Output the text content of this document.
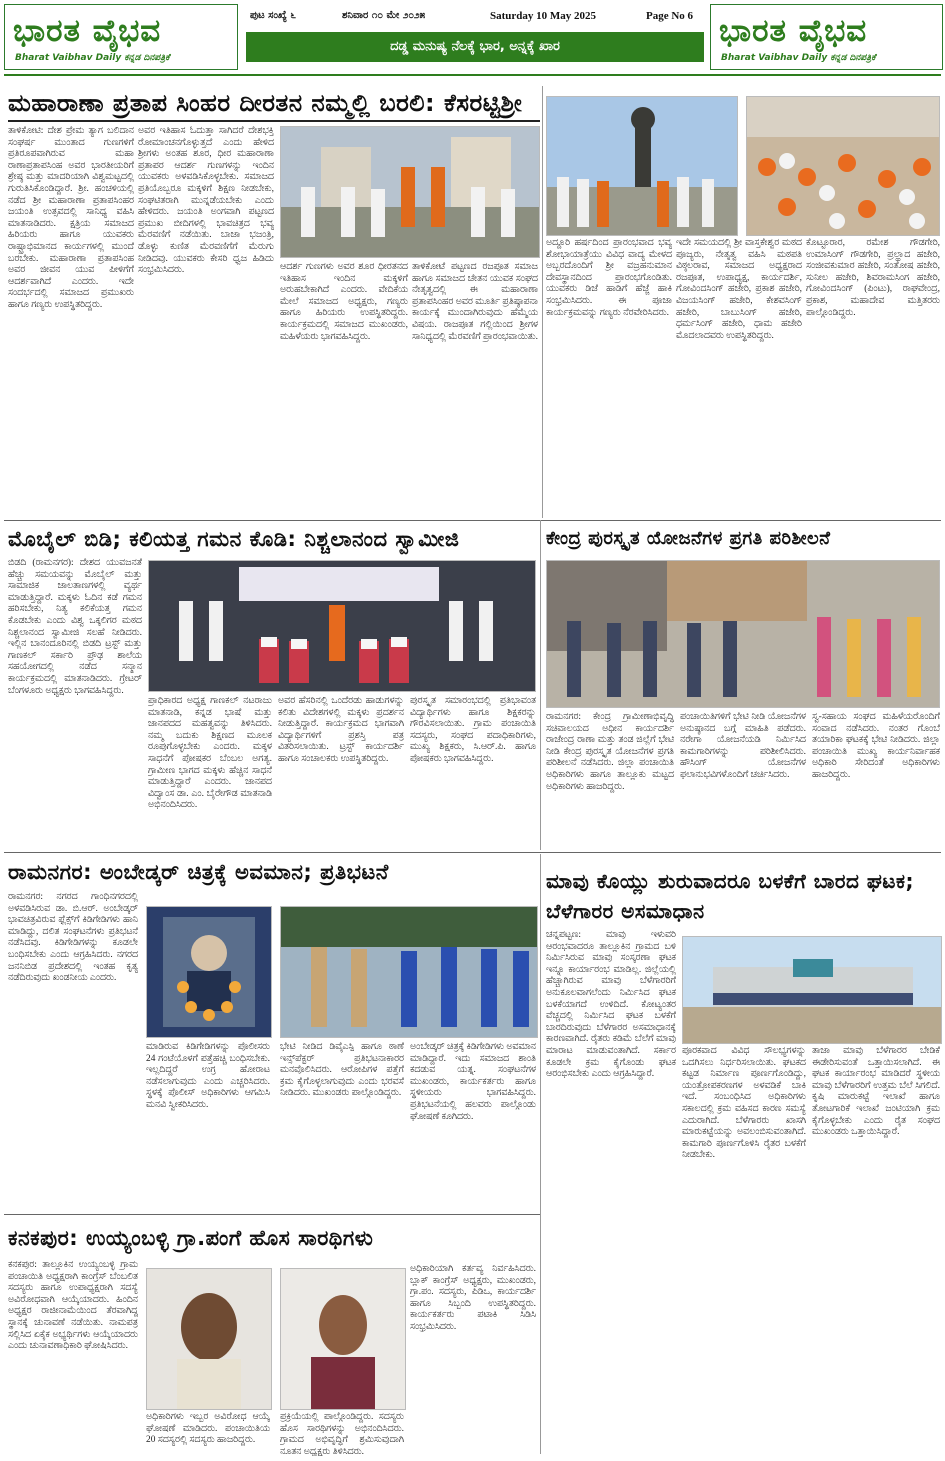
ಭಾರತ ವೈಭವ
Bharat Vaibhav Daily ಕನ್ನಡ ದಿನಪತ್ರಿಕೆ
ಪುಟ ಸಂಖ್ಯೆ ೬	ಶನಿವಾರ ೧೦ ಮೇ ೨೦೨೫	Saturday 10 May 2025	Page No 6
ದಡ್ಡ ಮನುಷ್ಯ ನೆಲಕ್ಕೆ ಭಾರ, ಅನ್ನಕ್ಕೆ ಖಾರ	ಭಾರತ ವೈಭವ
Bharat Vaibhav Daily ಕನ್ನಡ ದಿನಪತ್ರಿಕೆ
ಮಹಾರಾಣಾ ಪ್ರತಾಪ ಸಿಂಹರ ದೀರತನ ನಮ್ಮಲ್ಲಿ ಬರಲಿ: ಕೆಸರಟ್ಟಿಶ್ರೀ
ತಾಳಿಕೋಟಿ: ದೇಶ ಪ್ರೇಮ ತ್ಯಾಗ ಬಲಿದಾನ ಸಂಘರ್ಷ ಮುಂತಾದ ಗುಣಗಳಿಗೆ ಪ್ರತಿರೂಪವಾಗಿರುವ ಮಹಾ ರಾಣಾಪ್ರತಾಪಸಿಂಹ ಅವರ ಭಾರತೀಯರಿಗೆ ಶ್ರೇಷ್ಠ ಮತ್ತು ಮಾದರಿಯಾಗಿ ವಿಶ್ವಮಟ್ಟದಲ್ಲಿ ಗುರುತಿಸಿಕೊಂಡಿದ್ದಾರೆ. ಶ್ರೀ. ಹಂಚಳಿಯಲ್ಲಿ ನಡೆದ ಶ್ರೀ ಮಹಾರಾಣಾ ಪ್ರತಾಪಸಿಂಹರ ಜಯಂತಿ ಉತ್ಸವದಲ್ಲಿ ಸಾನಿಧ್ಯ ವಹಿಸಿ ಮಾತನಾಡಿದರು. ಕ್ಷತ್ರಿಯ ಸಮಾಜದ ಹಿರಿಯರು ಹಾಗೂ ಯುವಕರು ರಾಷ್ಟ್ರಾಭಿಮಾನದ ಕಾರ್ಯಗಳಲ್ಲಿ ಮುಂದೆ ಬರಬೇಕು. ಮಹಾರಾಣಾ ಪ್ರತಾಪಸಿಂಹ ಅವರ ಜೀವನ ಯುವ ಪೀಳಿಗೆಗೆ ಆದರ್ಶವಾಗಿದೆ ಎಂದರು. ಇದೇ ಸಂದರ್ಭದಲ್ಲಿ ಸಮಾಜದ ಪ್ರಮುಖರು ಹಾಗೂ ಗಣ್ಯರು ಉಪಸ್ಥಿತರಿದ್ದರು.
ಅವರ ಇತಿಹಾಸ ಓದುತ್ತಾ ಸಾಗಿದರೆ ದೇಶಭಕ್ತಿ ರೋಮಾಂಚನಗೊಳ್ಳುತ್ತದೆ ಎಂದು ಹೇಳಿದ ಶ್ರೀಗಳು ಅಂತಹ ಶೂರ, ಧೀರ ಮಹಾರಾಣಾ ಪ್ರತಾಪರ ಆದರ್ಶ ಗುಣಗಳನ್ನು ಇಂದಿನ ಯುವಕರು ಅಳವಡಿಸಿಕೊಳ್ಳಬೇಕು. ಸಮಾಜದ ಪ್ರತಿಯೊಬ್ಬರೂ ಮಕ್ಕಳಿಗೆ ಶಿಕ್ಷಣ ನೀಡಬೇಕು, ಸಂಘಟಿತರಾಗಿ ಮುನ್ನಡೆಯಬೇಕು ಎಂದು ಹೇಳಿದರು. ಜಯಂತಿ ಅಂಗವಾಗಿ ಪಟ್ಟಣದ ಪ್ರಮುಖ ಬೀದಿಗಳಲ್ಲಿ ಭಾವಚಿತ್ರದ ಭವ್ಯ ಮೆರವಣಿಗೆ ನಡೆಯಿತು. ಬಾಜಾ ಭಜಂತ್ರಿ, ಡೊಳ್ಳು ಕುಣಿತ ಮೆರವಣಿಗೆಗೆ ಮೆರುಗು ನೀಡಿದವು. ಯುವಕರು ಕೇಸರಿ ಧ್ವಜ ಹಿಡಿದು ಸಂಭ್ರಮಿಸಿದರು.	ಆದರ್ಶ ಗುಣಗಳು ಅವರ ಶೂರ ಧೀರತನದ ಇತಿಹಾಸ ಇಂದಿನ ಮಕ್ಕಳಿಗೆ ಅರುಹಬೇಕಾಗಿದೆ ಎಂದರು. ವೇದಿಕೆಯ ಮೇಲೆ ಸಮಾಜದ ಅಧ್ಯಕ್ಷರು, ಗಣ್ಯರು ಹಾಗೂ ಹಿರಿಯರು ಉಪಸ್ಥಿತರಿದ್ದರು. ಕಾರ್ಯಕ್ರಮದಲ್ಲಿ ಸಮಾಜದ ಮುಖಂಡರು, ಮಹಿಳೆಯರು ಭಾಗವಹಿಸಿದ್ದರು.
ತಾಳಿಕೋಟೆ ಪಟ್ಟಣದ ರಜಪೂತ ಸಮಾಜ ಹಾಗೂ ಸಮಾಜದ ಚೇತನ ಯುವಕ ಸಂಘದ ನೇತೃತ್ವದಲ್ಲಿ ಈ ಮಹಾರಾಣಾ ಪ್ರತಾಪಸಿಂಹರ ಅವರ ಮೂರ್ತಿ ಪ್ರತಿಷ್ಠಾಪನಾ ಕಾರ್ಯಕ್ಕೆ ಮುಂದಾಗಿರುವುದು ಹೆಮ್ಮೆಯ ವಿಷಯ. ರಾಜಪೂತ ಗಲ್ಲಿಯಿಂದ ಶ್ರೀಗಳ ಸಾನಿಧ್ಯದಲ್ಲಿ ಮೆರವಣಿಗೆ ಪ್ರಾರಂಭವಾಯಿತು.
ಅದ್ದೂರಿ ಹರ್ಷದಿಂದ ಪ್ರಾರಂಭವಾದ ಭವ್ಯ ಶೋಭಾಯಾತ್ರೆಯು ವಿವಿಧ ವಾದ್ಯ ಮೇಳದ ಅಬ್ಬರದೊಂದಿಗೆ ಶ್ರೀ ವಜ್ರಹನುಮಾನ ದೇವಸ್ಥಾನದಿಂದ ಪ್ರಾರಂಭಗೊಂಡಿತು. ಯುವಕರು ಡಿಜೆ ಹಾಡಿಗೆ ಹೆಜ್ಜೆ ಹಾಕಿ ಸಂಭ್ರಮಿಸಿದರು. ಈ ಪೂಜಾ ಕಾರ್ಯಕ್ರಮವನ್ನು ಗಣ್ಯರು ನೆರವೇರಿಸಿದರು.
ಇದೇ ಸಮಯದಲ್ಲಿ ಶ್ರೀ ವಾಸ್ತಕೇಶ್ವರ ಮಠದ ಪೂಜ್ಯರು, ನೇತೃತ್ವ ವಹಿಸಿ ಮಠಪತಿ ವಿಠ್ಠಲರಾವ, ಸಮಾಜದ ಅಧ್ಯಕ್ಷರಾದ ರಜಪೂತ, ಉಪಾಧ್ಯಕ್ಷ, ಕಾರ್ಯದರ್ಶಿ, ಗೋವಿಂದಸಿಂಗ್ ಹಜೇರಿ, ಪ್ರಕಾಶ ಹಜೇರಿ, ವಿಜಯಸಿಂಗ್ ಹಜೇರಿ, ಕೇಶವಸಿಂಗ್ ಹಜೇರಿ, ಬಾಬುಸಿಂಗ್ ಹಜೇರಿ, ಧರ್ಮಸಿಂಗ್ ಹಜೇರಿ, ಧಾಮ ಹಜೇರಿ ಮೊದಲಾದವರು ಉಪಸ್ಥಿತರಿದ್ದರು.
ಕೊಟ್ಟೂರಾರ, ರಮೇಶ ಗೌಡಗೇರಿ, ಉಮಾಸಿಂಗ್ ಗೌಡಗೇರಿ, ಪ್ರಲ್ಹಾದ ಹಜೇರಿ, ಸಂಜೀವಕುಮಾರ ಹಜೇರಿ, ಸಂತೋಷ ಹಜೇರಿ, ಸುನೀಲ ಹಜೇರಿ, ಶಿವರಾಮಸಿಂಗ ಹಜೇರಿ, ಗೋವಿಂದಸಿಂಗ್ (ಪಿಂಟು), ರಾಘವೇಂದ್ರ, ಪ್ರಕಾಶ, ಮಹಾದೇವ ಮತ್ತಿತರರು ಪಾಲ್ಗೊಂಡಿದ್ದರು.
ಮೊಬೈಲ್ ಬಿಡಿ; ಕಲಿಯತ್ತ ಗಮನ ಕೊಡಿ: ನಿಶ್ಚಲಾನಂದ ಸ್ವಾಮೀಜಿ
ಬಿಡದಿ (ರಾಮನಗರ): ದೇಶದ ಯುವಜನತೆ ಹೆಚ್ಚು ಸಮಯವನ್ನು ಮೊಬೈಲ್ ಮತ್ತು ಸಾಮಾಜಿಕ ಜಾಲತಾಣಗಳಲ್ಲಿ ವ್ಯರ್ಥ ಮಾಡುತ್ತಿದ್ದಾರೆ. ಮಕ್ಕಳು ಓದಿನ ಕಡೆ ಗಮನ ಹರಿಸಬೇಕು, ನಿತ್ಯ ಕಲಿಕೆಯತ್ತ ಗಮನ ಕೊಡಬೇಕು ಎಂದು ವಿಶ್ವ ಒಕ್ಕಲಿಗರ ಮಠದ ನಿಶ್ಚಲಾನಂದ ಸ್ವಾಮೀಜಿ ಸಲಹೆ ನೀಡಿದರು. ಇಲ್ಲಿನ ಬಾನಂದೂರಿನಲ್ಲಿ ಬಿಡದಿ ಟ್ರಸ್ಟ್ ಮತ್ತು ಗಾಣಕಲ್ ಸರ್ಕಾರಿ ಪ್ರೌಢ ಶಾಲೆಯ ಸಹಯೋಗದಲ್ಲಿ ನಡೆದ ಸನ್ಮಾನ ಕಾರ್ಯಕ್ರಮದಲ್ಲಿ ಮಾತನಾಡಿದರು. ಗ್ರೇಟರ್ ಬೆಂಗಳೂರು ಅಧ್ಯಕ್ಷರು ಭಾಗವಹಿಸಿದ್ದರು.
ಪ್ರಾಧಿಕಾರದ ಅಧ್ಯಕ್ಷ ಗಾಣಕಲ್ ನಟರಾಜು ಮಾತನಾಡಿ, ಕನ್ನಡ ಭಾಷೆ ಮತ್ತು ಜಾನಪದದ ಮಹತ್ವವನ್ನು ತಿಳಿಸಿದರು. ನಮ್ಮ ಬದುಕು ಶಿಕ್ಷಣದ ಮೂಲಕ ರೂಪುಗೊಳ್ಳಬೇಕು ಎಂದರು. ಮಕ್ಕಳ ಸಾಧನೆಗೆ ಪೋಷಕರ ಬೆಂಬಲ ಅಗತ್ಯ. ಗ್ರಾಮೀಣ ಭಾಗದ ಮಕ್ಕಳು ಹೆಚ್ಚಿನ ಸಾಧನೆ ಮಾಡುತ್ತಿದ್ದಾರೆ ಎಂದರು. ಜಾನಪದ ವಿದ್ವಾಂಸ ಡಾ. ಎಂ. ಬೈರೇಗೌಡ ಮಾತನಾಡಿ ಅಭಿನಂದಿಸಿದರು.
ಅವರ ಹೆಸರಿನಲ್ಲಿ ಒಂದೆರಡು ಹಾಡುಗಳನ್ನು ಕಲಿತು ವಿದೇಶಗಳಲ್ಲಿ ಮಕ್ಕಳು ಪ್ರದರ್ಶನ ನೀಡುತ್ತಿದ್ದಾರೆ. ಕಾರ್ಯಕ್ರಮದ ಭಾಗವಾಗಿ ವಿದ್ಯಾರ್ಥಿಗಳಿಗೆ ಪ್ರಶಸ್ತಿ ಪತ್ರ ವಿತರಿಸಲಾಯಿತು. ಟ್ರಸ್ಟ್ ಕಾರ್ಯದರ್ಶಿ ಹಾಗೂ ಸಂಚಾಲಕರು ಉಪಸ್ಥಿತರಿದ್ದರು.
ಪುರಸ್ಕೃತ ಸಮಾರಂಭದಲ್ಲಿ ಪ್ರತಿಭಾವಂತ ವಿದ್ಯಾರ್ಥಿಗಳು ಹಾಗೂ ಶಿಕ್ಷಕರನ್ನು ಗೌರವಿಸಲಾಯಿತು. ಗ್ರಾಮ ಪಂಚಾಯಿತಿ ಸದಸ್ಯರು, ಸಂಘದ ಪದಾಧಿಕಾರಿಗಳು, ಮುಖ್ಯ ಶಿಕ್ಷಕರು, ಸಿ.ಆರ್.ಪಿ. ಹಾಗೂ ಪೋಷಕರು ಭಾಗವಹಿಸಿದ್ದರು.
ಕೇಂದ್ರ ಪುರಸ್ಕೃತ ಯೋಜನೆಗಳ ಪ್ರಗತಿ ಪರಿಶೀಲನೆ
ರಾಮನಗರ: ಕೇಂದ್ರ ಗ್ರಾಮೀಣಾಭಿವೃದ್ಧಿ ಸಚಿವಾಲಯದ ಅಧೀನ ಕಾರ್ಯದರ್ಶಿ ರಾಜೇಂದ್ರ ರಾಣಾ ಮತ್ತು ತಂಡ ಜಿಲ್ಲೆಗೆ ಭೇಟಿ ನೀಡಿ ಕೇಂದ್ರ ಪುರಸ್ಕೃತ ಯೋಜನೆಗಳ ಪ್ರಗತಿ ಪರಿಶೀಲನೆ ನಡೆಸಿದರು. ಜಿಲ್ಲಾ ಪಂಚಾಯಿತಿ ಅಧಿಕಾರಿಗಳು ಹಾಗೂ ತಾಲ್ಲೂಕು ಮಟ್ಟದ ಅಧಿಕಾರಿಗಳು ಹಾಜರಿದ್ದರು.
ಪಂಚಾಯಿತಿಗಳಿಗೆ ಭೇಟಿ ನೀಡಿ ಯೋಜನೆಗಳ ಅನುಷ್ಠಾನದ ಬಗ್ಗೆ ಮಾಹಿತಿ ಪಡೆದರು. ನರೇಗಾ ಯೋಜನೆಯಡಿ ನಿರ್ಮಿಸಿದ ಕಾಮಗಾರಿಗಳನ್ನು ಪರಿಶೀಲಿಸಿದರು. ಹೌಸಿಂಗ್ ಯೋಜನೆಗಳ ಫಲಾನುಭವಿಗಳೊಂದಿಗೆ ಚರ್ಚಿಸಿದರು.
ಸ್ವ-ಸಹಾಯ ಸಂಘದ ಮಹಿಳೆಯರೊಂದಿಗೆ ಸಂವಾದ ನಡೆಸಿದರು. ನಂತರ ಗೊಂಬೆ ತಯಾರಿಕಾ ಘಟಕಕ್ಕೆ ಭೇಟಿ ನೀಡಿದರು. ಜಿಲ್ಲಾ ಪಂಚಾಯಿತಿ ಮುಖ್ಯ ಕಾರ್ಯನಿರ್ವಾಹಕ ಅಧಿಕಾರಿ ಸೇರಿದಂತೆ ಅಧಿಕಾರಿಗಳು ಹಾಜರಿದ್ದರು.
ರಾಮನಗರ: ಅಂಬೇಡ್ಕರ್ ಚಿತ್ರಕ್ಕೆ ಅವಮಾನ; ಪ್ರತಿಭಟನೆ
ರಾಮನಗರ: ನಗರದ ಗಾಂಧಿನಗರದಲ್ಲಿ ಅಳವಡಿಸಿರುವ ಡಾ. ಬಿ.ಆರ್. ಅಂಬೇಡ್ಕರ್ ಭಾವಚಿತ್ರವಿರುವ ಫ್ಲೆಕ್ಸ್‌ಗೆ ಕಿಡಿಗೇಡಿಗಳು ಹಾನಿ ಮಾಡಿದ್ದು, ದಲಿತ ಸಂಘಟನೆಗಳು ಪ್ರತಿಭಟನೆ ನಡೆಸಿದವು. ಕಿಡಿಗೇಡಿಗಳನ್ನು ಕೂಡಲೇ ಬಂಧಿಸಬೇಕು ಎಂದು ಆಗ್ರಹಿಸಿದರು. ನಗರದ ಜನನಿಬಿಡ ಪ್ರದೇಶದಲ್ಲಿ ಇಂತಹ ಕೃತ್ಯ ನಡೆದಿರುವುದು ಖಂಡನೀಯ ಎಂದರು.
ಮಾಡಿರುವ ಕಿಡಿಗೇಡಿಗಳನ್ನು ಪೊಲೀಸರು 24 ಗಂಟೆಯೊಳಗೆ ಪತ್ತೆಹಚ್ಚಿ ಬಂಧಿಸಬೇಕು. ಇಲ್ಲದಿದ್ದರೆ ಉಗ್ರ ಹೋರಾಟ ನಡೆಸಲಾಗುವುದು ಎಂದು ಎಚ್ಚರಿಸಿದರು. ಸ್ಥಳಕ್ಕೆ ಪೊಲೀಸ್ ಅಧಿಕಾರಿಗಳು ಆಗಮಿಸಿ ಮನವಿ ಸ್ವೀಕರಿಸಿದರು.
ಭೇಟಿ ನೀಡಿದ ಡಿವೈಎಸ್ಪಿ ಹಾಗೂ ಠಾಣೆ ಇನ್ಸ್‌ಪೆಕ್ಟರ್ ಪ್ರತಿಭಟನಾಕಾರರ ಮನವೊಲಿಸಿದರು. ಆರೋಪಿಗಳ ಪತ್ತೆಗೆ ಕ್ರಮ ಕೈಗೊಳ್ಳಲಾಗುವುದು ಎಂದು ಭರವಸೆ ನೀಡಿದರು. ಮುಖಂಡರು ಪಾಲ್ಗೊಂಡಿದ್ದರು.
ಅಂಬೇಡ್ಕರ್ ಚಿತ್ರಕ್ಕೆ ಕಿಡಿಗೇಡಿಗಳು ಅವಮಾನ ಮಾಡಿದ್ದಾರೆ. ಇದು ಸಮಾಜದ ಶಾಂತಿ ಕದಡುವ ಯತ್ನ. ಸಂಘಟನೆಗಳ ಮುಖಂಡರು, ಕಾರ್ಯಕರ್ತರು ಹಾಗೂ ಸ್ಥಳೀಯರು ಭಾಗವಹಿಸಿದ್ದರು. ಪ್ರತಿಭಟನೆಯಲ್ಲಿ ಹಲವರು ಪಾಲ್ಗೊಂಡು ಘೋಷಣೆ ಕೂಗಿದರು.
ಮಾವು ಕೊಯ್ಲು ಶುರುವಾದರೂ ಬಳಕೆಗೆ ಬಾರದ ಘಟಕ; ಬೆಳೆಗಾರರ ಅಸಮಾಧಾನ
ಚನ್ನಪಟ್ಟಣ: ಮಾವು ಇಳುವರಿ ಆರಂಭವಾದರೂ ತಾಲ್ಲೂಕಿನ ಗ್ರಾಮದ ಬಳಿ ನಿರ್ಮಿಸಿರುವ ಮಾವು ಸಂಸ್ಕರಣಾ ಘಟಕ ಇನ್ನೂ ಕಾರ್ಯಾರಂಭ ಮಾಡಿಲ್ಲ. ಜಿಲ್ಲೆಯಲ್ಲಿ ಹೆಚ್ಚಾಗಿರುವ ಮಾವು ಬೆಳೆಗಾರರಿಗೆ ಅನುಕೂಲವಾಗಲೆಂದು ನಿರ್ಮಿಸಿದ ಘಟಕ ಬಳಕೆಯಾಗದೆ ಉಳಿದಿದೆ. ಕೋಟ್ಯಂತರ ವೆಚ್ಚದಲ್ಲಿ ನಿರ್ಮಿಸಿದ ಘಟಕ ಬಳಕೆಗೆ ಬಾರದಿರುವುದು ಬೆಳೆಗಾರರ ಅಸಮಾಧಾನಕ್ಕೆ ಕಾರಣವಾಗಿದೆ. ರೈತರು ಕಡಿಮೆ ಬೆಲೆಗೆ ಮಾವು ಮಾರಾಟ ಮಾಡುವಂತಾಗಿದೆ. ಸರ್ಕಾರ ಕೂಡಲೇ ಕ್ರಮ ಕೈಗೊಂಡು ಘಟಕ ಆರಂಭಿಸಬೇಕು ಎಂದು ಆಗ್ರಹಿಸಿದ್ದಾರೆ.
ಪೂರಕವಾದ ವಿವಿಧ ಸೌಲಭ್ಯಗಳನ್ನು ಒದಗಿಸಲು ನಿರ್ಧರಿಸಲಾಯಿತು. ಘಟಕದ ಕಟ್ಟಡ ನಿರ್ಮಾಣ ಪೂರ್ಣಗೊಂಡಿದ್ದು, ಯಂತ್ರೋಪಕರಣಗಳ ಅಳವಡಿಕೆ ಬಾಕಿ ಇದೆ. ಸಂಬಂಧಿಸಿದ ಅಧಿಕಾರಿಗಳು ಸಕಾಲದಲ್ಲಿ ಕ್ರಮ ವಹಿಸದ ಕಾರಣ ಸಮಸ್ಯೆ ಎದುರಾಗಿದೆ. ಬೆಳೆಗಾರರು ಖಾಸಗಿ ಮಾರುಕಟ್ಟೆಯನ್ನು ಅವಲಂಬಿಸುವಂತಾಗಿದೆ. ಕಾಮಗಾರಿ ಪೂರ್ಣಗೊಳಿಸಿ ರೈತರ ಬಳಕೆಗೆ ನೀಡಬೇಕು.
ತಾಜಾ ಮಾವು ಬೆಳೆಗಾರರ ಬೇಡಿಕೆ ಈಡೇರಿಸುವಂತೆ ಒತ್ತಾಯಿಸಲಾಗಿದೆ. ಈ ಘಟಕ ಕಾರ್ಯಾರಂಭ ಮಾಡಿದರೆ ಸ್ಥಳೀಯ ಮಾವು ಬೆಳೆಗಾರರಿಗೆ ಉತ್ತಮ ಬೆಲೆ ಸಿಗಲಿದೆ. ಕೃಷಿ ಮಾರುಕಟ್ಟೆ ಇಲಾಖೆ ಹಾಗೂ ತೋಟಗಾರಿಕೆ ಇಲಾಖೆ ಜಂಟಿಯಾಗಿ ಕ್ರಮ ಕೈಗೊಳ್ಳಬೇಕು ಎಂದು ರೈತ ಸಂಘದ ಮುಖಂಡರು ಒತ್ತಾಯಿಸಿದ್ದಾರೆ.
ಕನಕಪುರ: ಉಯ್ಯಂಬಳ್ಳಿ ಗ್ರಾ.ಪಂಗೆ ಹೊಸ ಸಾರಥಿಗಳು
ಕನಕಪುರ: ತಾಲ್ಲೂಕಿನ ಉಯ್ಯಂಬಳ್ಳಿ ಗ್ರಾಮ ಪಂಚಾಯಿತಿ ಅಧ್ಯಕ್ಷರಾಗಿ ಕಾಂಗ್ರೆಸ್ ಬೆಂಬಲಿತ ಸದಸ್ಯರು ಹಾಗೂ ಉಪಾಧ್ಯಕ್ಷರಾಗಿ ಸದಸ್ಯೆ ಅವಿರೋಧವಾಗಿ ಆಯ್ಕೆಯಾದರು. ಹಿಂದಿನ ಅಧ್ಯಕ್ಷರ ರಾಜೀನಾಮೆಯಿಂದ ತೆರವಾಗಿದ್ದ ಸ್ಥಾನಕ್ಕೆ ಚುನಾವಣೆ ನಡೆಯಿತು. ನಾಮಪತ್ರ ಸಲ್ಲಿಸಿದ ಏಕೈಕ ಅಭ್ಯರ್ಥಿಗಳು ಆಯ್ಕೆಯಾದರು ಎಂದು ಚುನಾವಣಾಧಿಕಾರಿ ಘೋಷಿಸಿದರು.
ಅಧಿಕಾರಿಗಳು ಇಬ್ಬರ ಅವಿರೋಧ ಆಯ್ಕೆ ಘೋಷಣೆ ಮಾಡಿದರು. ಪಂಚಾಯಿತಿಯ 20 ಸದಸ್ಯರಲ್ಲಿ ಸದಸ್ಯರು ಹಾಜರಿದ್ದರು.
ಪ್ರಕ್ರಿಯೆಯಲ್ಲಿ ಪಾಲ್ಗೊಂಡಿದ್ದರು. ಸದಸ್ಯರು ಹೊಸ ಸಾರಥಿಗಳನ್ನು ಅಭಿನಂದಿಸಿದರು. ಗ್ರಾಮದ ಅಭಿವೃದ್ಧಿಗೆ ಶ್ರಮಿಸುವುದಾಗಿ ನೂತನ ಅಧ್ಯಕ್ಷರು ತಿಳಿಸಿದರು.
ಅಧಿಕಾರಿಯಾಗಿ ಕರ್ತವ್ಯ ನಿರ್ವಹಿಸಿದರು. ಬ್ಲಾಕ್ ಕಾಂಗ್ರೆಸ್ ಅಧ್ಯಕ್ಷರು, ಮುಖಂಡರು, ಗ್ರಾ.ಪಂ. ಸದಸ್ಯರು, ಪಿಡಿಒ, ಕಾರ್ಯದರ್ಶಿ ಹಾಗೂ ಸಿಬ್ಬಂದಿ ಉಪಸ್ಥಿತರಿದ್ದರು. ಕಾರ್ಯಕರ್ತರು ಪಟಾಕಿ ಸಿಡಿಸಿ ಸಂಭ್ರಮಿಸಿದರು.
